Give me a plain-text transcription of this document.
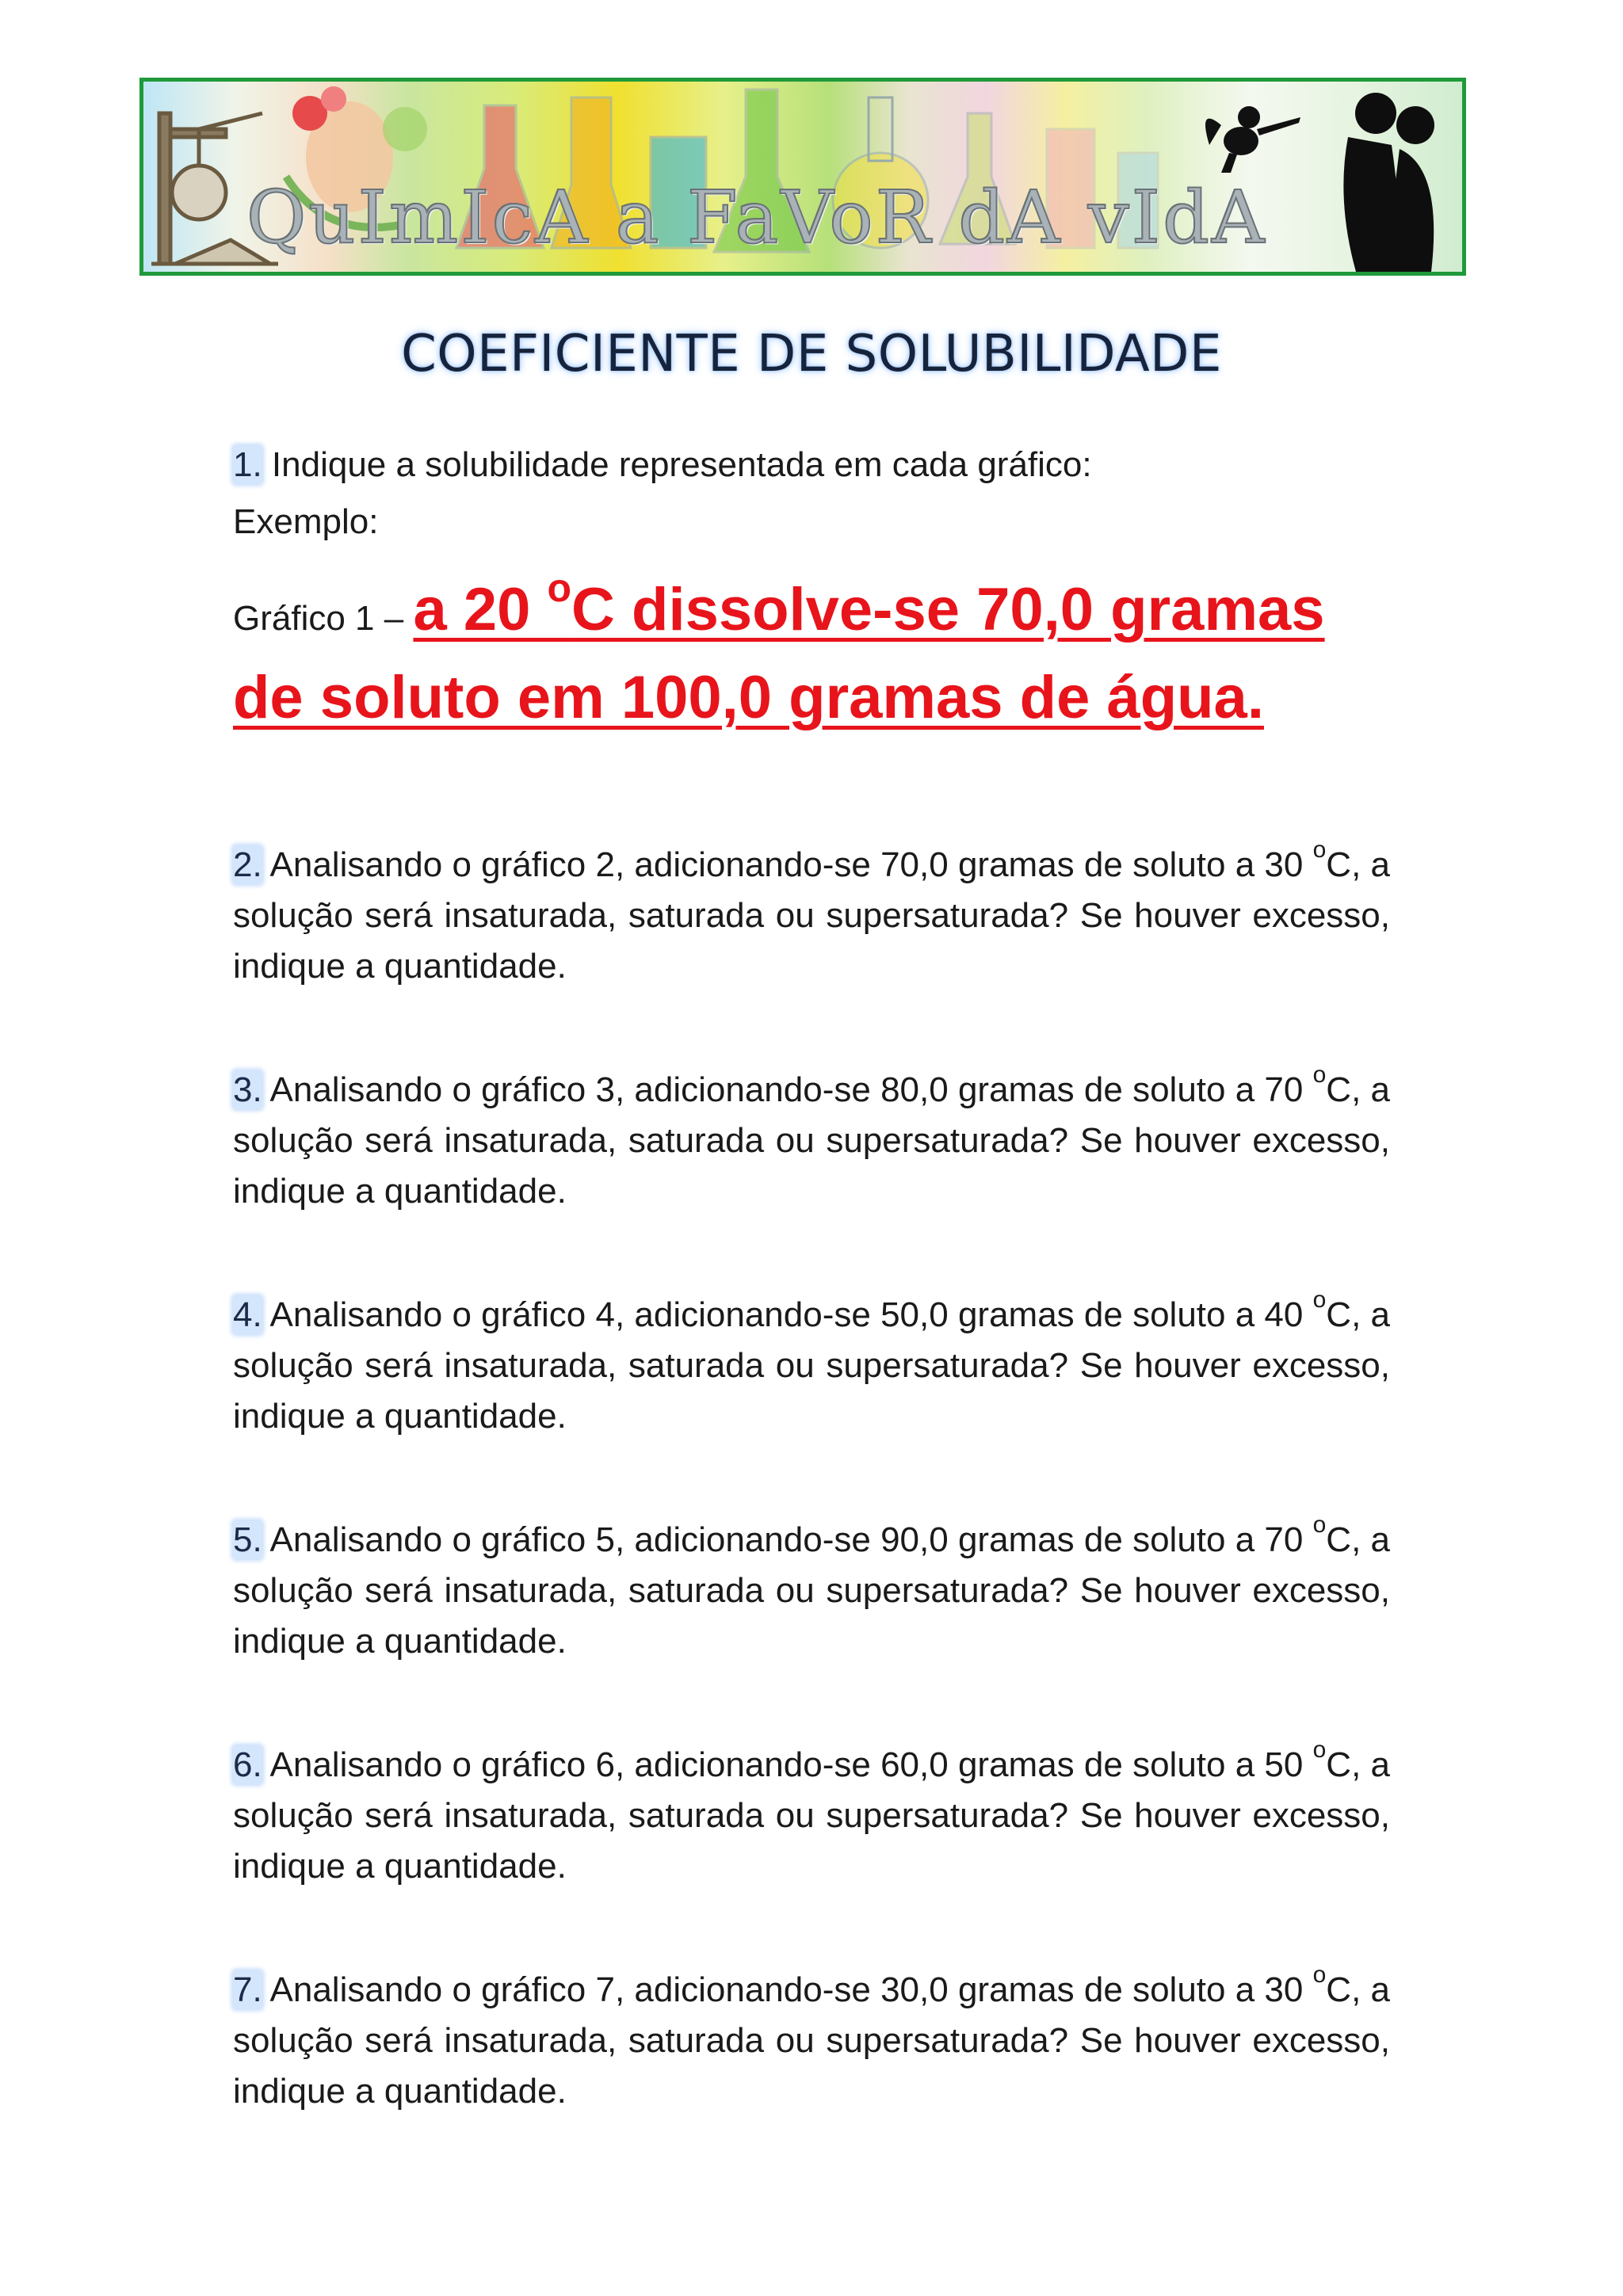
QuImIcA a FaVoR dA vIdA
COEFICIENTE DE SOLUBILIDADE

1. Indique a solubilidade representada em cada gráfico:

Exemplo:

Gráfico 1 – a 20 $^o$C dissolve-se 70,0 gramas de soluto em 100,0 gramas de água.

2. Analisando o gráfico 2, adicionando-se 70,0 gramas de soluto a 30 $^o$C, a solução será insaturada, saturada ou supersaturada? Se houver excesso, indique a quantidade.

3. Analisando o gráfico 3, adicionando-se 80,0 gramas de soluto a 70 $^o$C, a solução será insaturada, saturada ou supersaturada? Se houver excesso, indique a quantidade.

4. Analisando o gráfico 4, adicionando-se 50,0 gramas de soluto a 40 $^o$C, a solução será insaturada, saturada ou supersaturada? Se houver excesso, indique a quantidade.

5. Analisando o gráfico 5, adicionando-se 90,0 gramas de soluto a 70 $^o$C, a solução será insaturada, saturada ou supersaturada? Se houver excesso, indique a quantidade.

6. Analisando o gráfico 6, adicionando-se 60,0 gramas de soluto a 50 $^o$C, a solução será insaturada, saturada ou supersaturada? Se houver excesso, indique a quantidade.

7. Analisando o gráfico 7, adicionando-se 30,0 gramas de soluto a 30 $^o$C, a solução será insaturada, saturada ou supersaturada? Se houver excesso, indique a quantidade.
